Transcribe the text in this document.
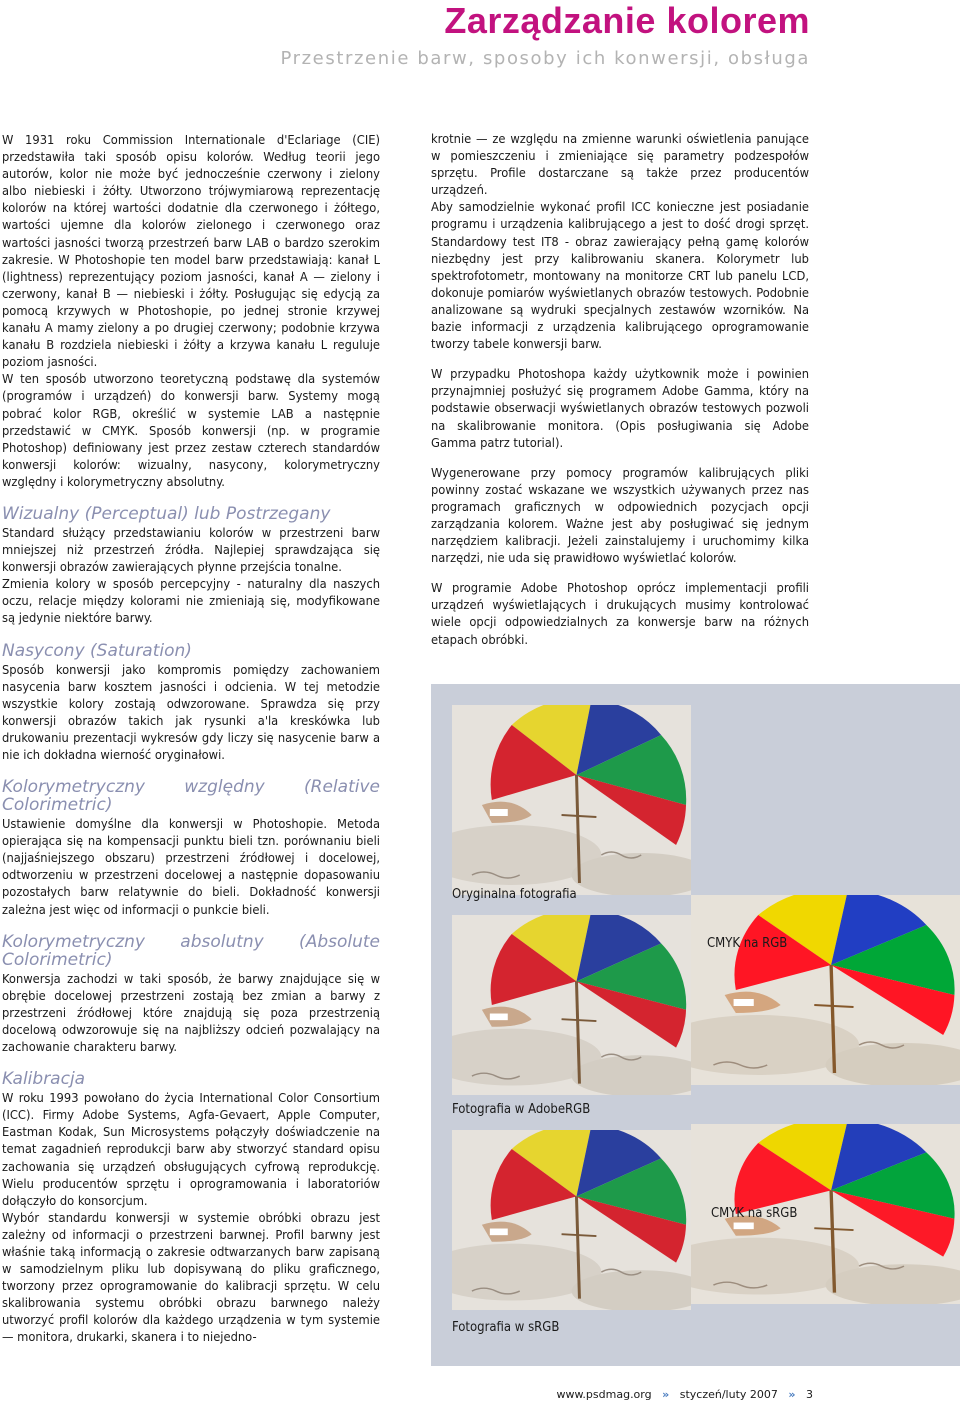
Zarządzanie kolorem
Przestrzenie barw, sposoby ich konwersji, obsługa

W 1931 roku Commission Internationale d'Eclariage (CIE) przedstawiła taki sposób opisu kolorów. Według teorii jego autorów, kolor nie może być jednocześnie czerwony i zielony albo niebieski i żółty. Utworzono trójwymiarową reprezentację kolorów na której wartości dodatnie dla czerwonego i żółtego, wartości ujemne dla kolorów zielonego i czerwonego oraz wartości jasności tworzą przestrzeń barw LAB o bardzo szerokim zakresie. W Photoshopie ten model barw przedstawiają: kanał L (lightness) reprezentujący poziom jasności, kanał A — zielony i czerwony, kanał B — niebieski i żółty. Posługując się edycją za pomocą krzywych w Photoshopie, po jednej stronie krzywej kanału A mamy zielony a po drugiej czerwony; podobnie krzywa kanału B rozdziela niebieski i żółty a krzywa kanału L reguluje poziom jasności.

W ten sposób utworzono teoretyczną podstawę dla systemów (programów i urządzeń) do konwersji barw. Systemy mogą pobrać kolor RGB, określić w systemie LAB a następnie przedstawić w CMYK. Sposób konwersji (np. w programie Photoshop) definiowany jest przez zestaw czterech standardów konwersji kolorów: wizualny, nasycony, kolorymetryczny względny i kolorymetryczny absolutny.

Wizualny (Perceptual) lub Postrzegany

Standard służący przedstawianiu kolorów w przestrzeni barw mniejszej niż przestrzeń źródła. Najlepiej sprawdzająca się konwersji obrazów zawierających płynne przejścia tonalne.

Zmienia kolory w sposób percepcyjny - naturalny dla naszych oczu, relacje między kolorami nie zmieniają się, modyfikowane są jedynie niektóre barwy.

Nasycony (Saturation)

Sposób konwersji jako kompromis pomiędzy zachowaniem nasycenia barw kosztem jasności i odcienia. W tej metodzie wszystkie kolory zostają odwzorowane. Sprawdza się przy konwersji obrazów takich jak rysunki a'la kreskówka lub drukowaniu prezentacji wykresów gdy liczy się nasycenie barw a nie ich dokładna wierność oryginałowi.

Kolorymetryczny względny (Relative Colorimetric)

Ustawienie domyślne dla konwersji w Photoshopie. Metoda opierająca się na kompensacji punktu bieli tzn. porównaniu bieli (najjaśniejszego obszaru) przestrzeni źródłowej i docelowej, odtworzeniu w przestrzeni docelowej a następnie dopasowaniu pozostałych barw relatywnie do bieli. Dokładność konwersji zależna jest więc od informacji o punkcie bieli.

Kolorymetryczny absolutny (Absolute Colorimetric)

Konwersja zachodzi w taki sposób, że barwy znajdujące się w obrębie docelowej przestrzeni zostają bez zmian a barwy z przestrzeni źródłowej które znajdują się poza przestrzenią docelową odwzorowuje się na najbliższy odcień pozwalający na zachowanie charakteru barwy.

Kalibracja

W roku 1993 powołano do życia International Color Consortium (ICC). Firmy Adobe Systems, Agfa-Gevaert, Apple Computer, Eastman Kodak, Sun Microsystems połączyły doświadczenie na temat zagadnień reprodukcji barw aby stworzyć standard opisu zachowania się urządzeń obsługujących cyfrową reprodukcję. Wielu producentów sprzętu i oprogramowania i laboratoriów dołączyło do konsorcjum.

Wybór standardu konwersji w systemie obróbki obrazu jest zależny od informacji o przestrzeni barwnej. Profil barwny jest właśnie taką informacją o zakresie odtwarzanych barw zapisaną w samodzielnym pliku lub dopisywaną do pliku graficznego, tworzony przez oprogramowanie do kalibracji sprzętu. W celu skalibrowania systemu obróbki obrazu barwnego należy utworzyć profil kolorów dla każdego urządzenia w tym systemie — monitora, drukarki, skanera i to niejedno-

krotnie — ze względu na zmienne warunki oświetlenia panujące w pomieszczeniu i zmieniające się parametry podzespołów sprzętu. Profile dostarczane są także przez producentów urządzeń.

Aby samodzielnie wykonać profil ICC konieczne jest posiadanie programu i urządzenia kalibrującego a jest to dość drogi sprzęt. Standardowy test IT8 - obraz zawierający pełną gamę kolorów niezbędny jest przy kalibrowaniu skanera. Kolorymetr lub spektrofotometr, montowany na monitorze CRT lub panelu LCD, dokonuje pomiarów wyświetlanych obrazów testowych. Podobnie analizowane są wydruki specjalnych zestawów wzorników. Na bazie informacji z urządzenia kalibrującego oprogramowanie tworzy tabele konwersji barw.

W przypadku Photoshopa każdy użytkownik może i powinien przynajmniej posłużyć się programem Adobe Gamma, który na podstawie obserwacji wyświetlanych obrazów testowych pozwoli na skalibrowanie monitora. (Opis posługiwania się Adobe Gamma patrz tutorial).

Wygenerowane przy pomocy programów kalibrujących pliki powinny zostać wskazane we wszystkich używanych przez nas programach graficznych w odpowiednich pozycjach opcji zarządzania kolorem. Ważne jest aby posługiwać się jednym narzędziem kalibracji. Jeżeli zainstalujemy i uruchomimy kilka narzędzi, nie uda się prawidłowo wyświetlać kolorów.

W programie Adobe Photoshop oprócz implementacji profili urządzeń wyświetlających i drukujących musimy kontrolować wiele opcji odpowiedzialnych za konwersje barw na różnych etapach obróbki.

Oryginalna fotografia
CMYK na RGB
Fotografia w AdobeRGB
CMYK na sRGB
Fotografia w sRGB
www.psdmag.org » styczeń/luty 2007 » 3
